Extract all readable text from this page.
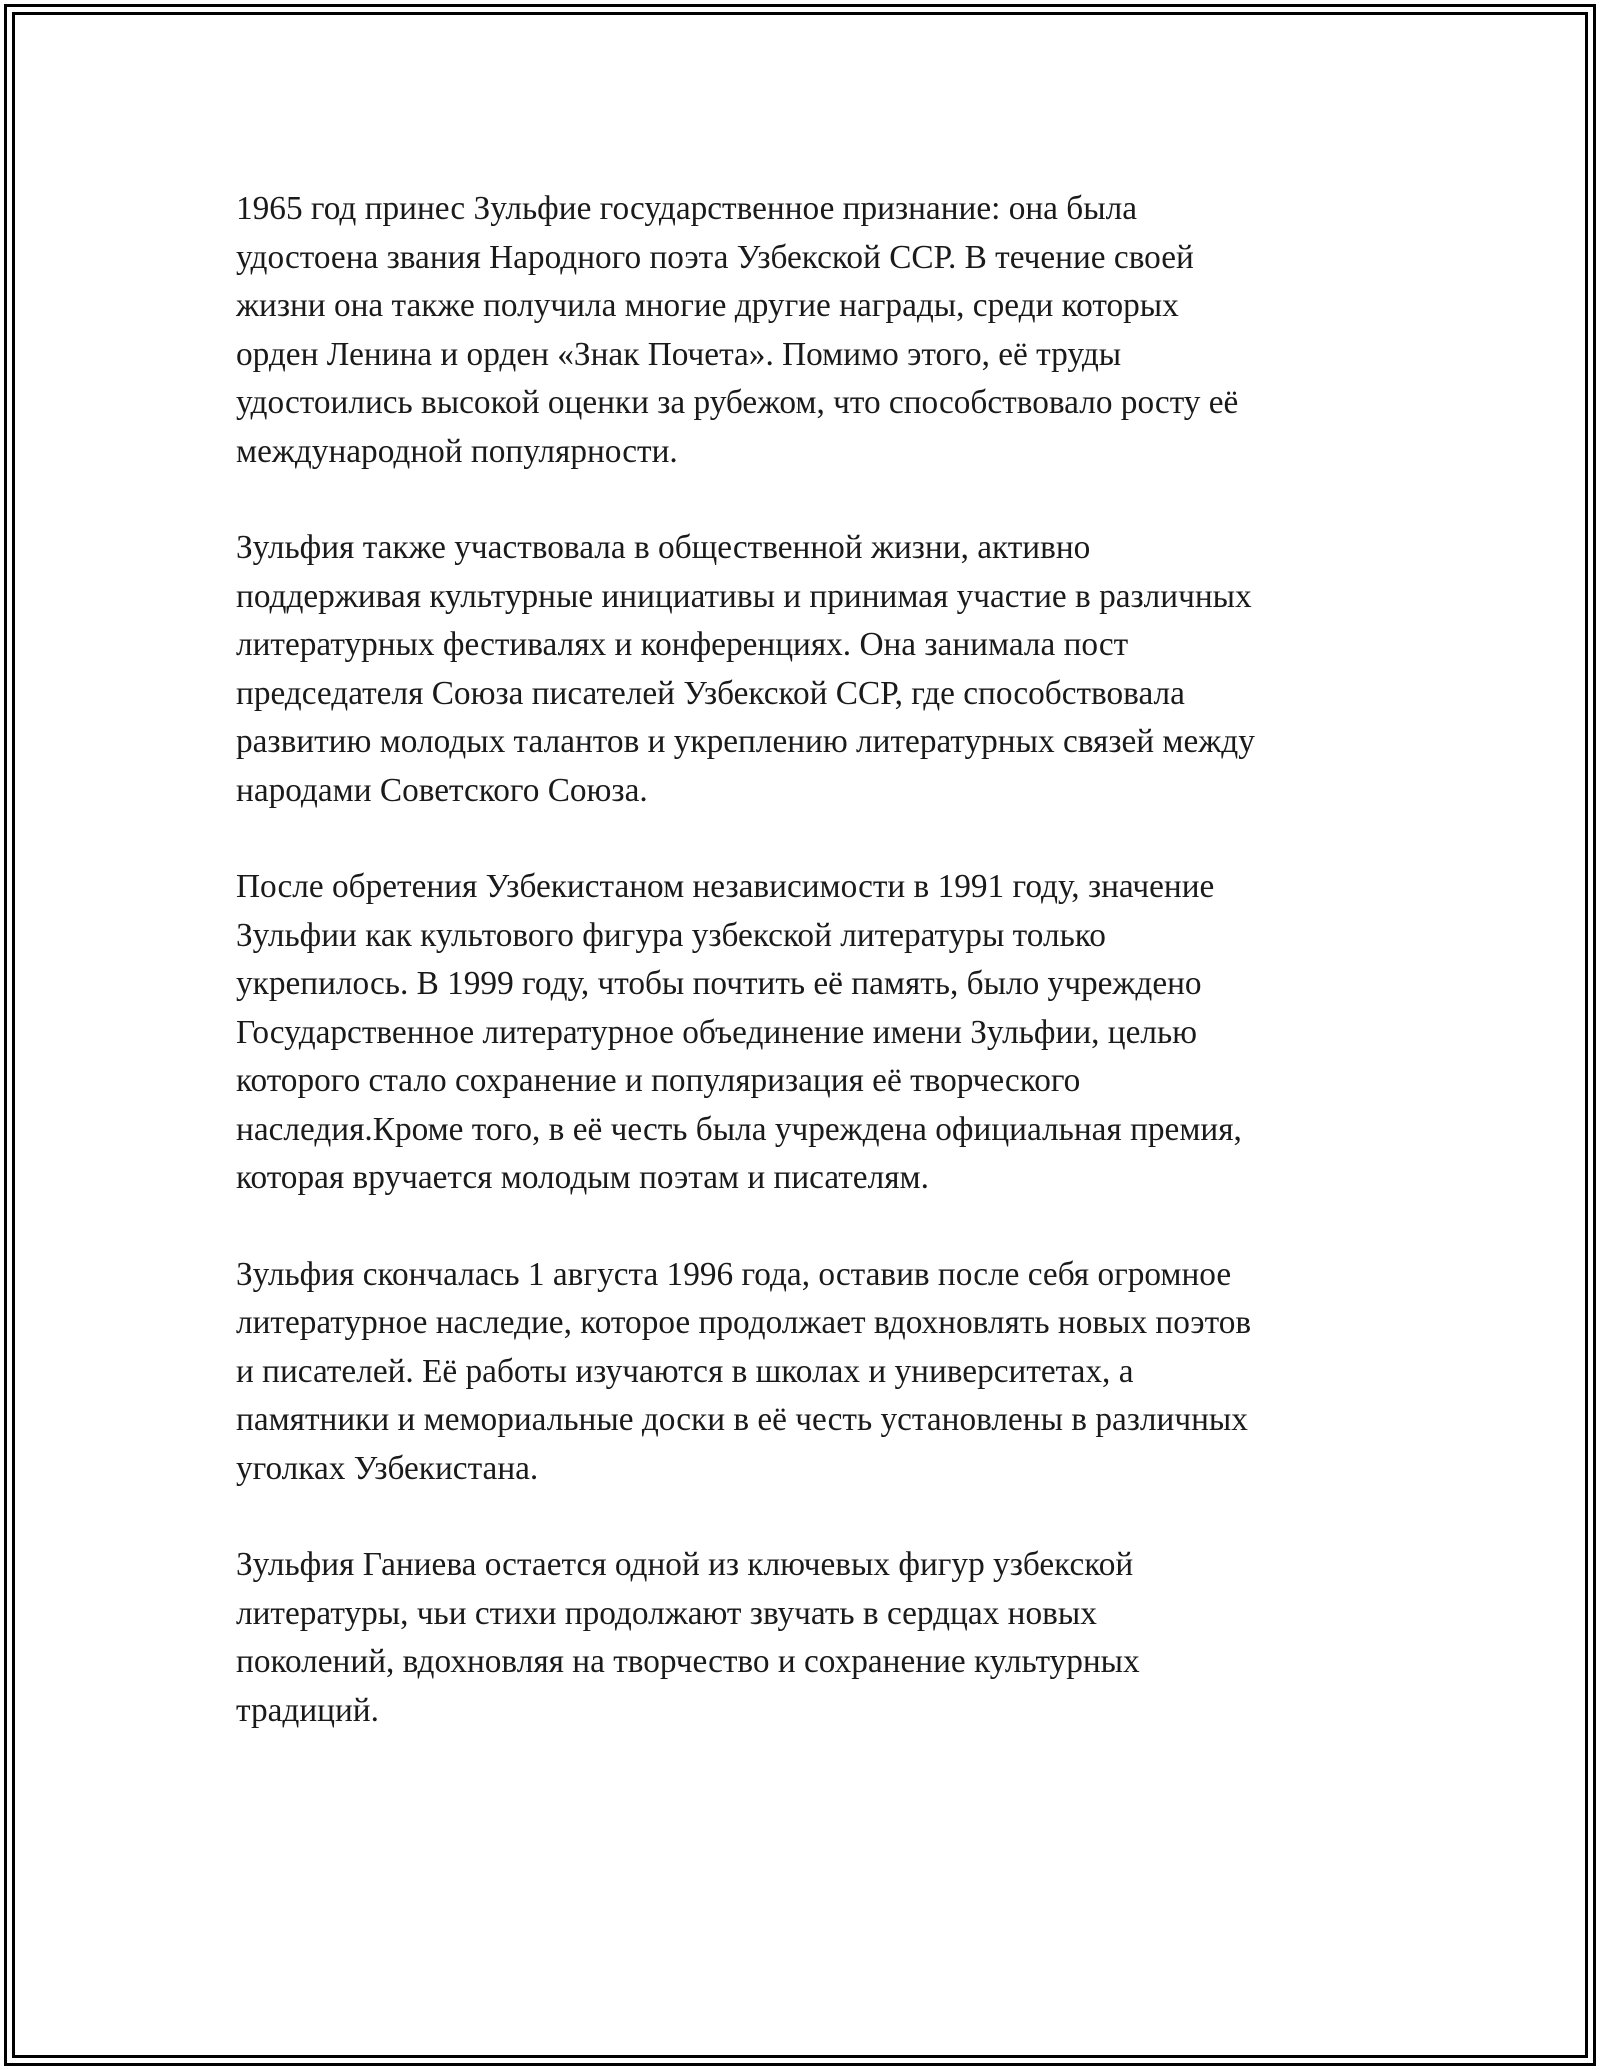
1965 год принес Зульфие государственное признание: она была
удостоена звания Народного поэта Узбекской ССР. В течение своей
жизни она также получила многие другие награды, среди которых
орден Ленина и орден «Знак Почета». Помимо этого, её труды
удостоились высокой оценки за рубежом, что способствовало росту её
международной популярности.

Зульфия также участвовала в общественной жизни, активно
поддерживая культурные инициативы и принимая участие в различных
литературных фестивалях и конференциях. Она занимала пост
председателя Союза писателей Узбекской ССР, где способствовала
развитию молодых талантов и укреплению литературных связей между
народами Советского Союза.

После обретения Узбекистаном независимости в 1991 году, значение
Зульфии как культового фигура узбекской литературы только
укрепилось. В 1999 году, чтобы почтить её память, было учреждено
Государственное литературное объединение имени Зульфии, целью
которого стало сохранение и популяризация её творческого
наследия.Кроме того, в её честь была учреждена официальная премия,
которая вручается молодым поэтам и писателям.

Зульфия скончалась 1 августа 1996 года, оставив после себя огромное
литературное наследие, которое продолжает вдохновлять новых поэтов
и писателей. Её работы изучаются в школах и университетах, а
памятники и мемориальные доски в её честь установлены в различных
уголках Узбекистана.

Зульфия Ганиева остается одной из ключевых фигур узбекской
литературы, чьи стихи продолжают звучать в сердцах новых
поколений, вдохновляя на творчество и сохранение культурных
традиций.
